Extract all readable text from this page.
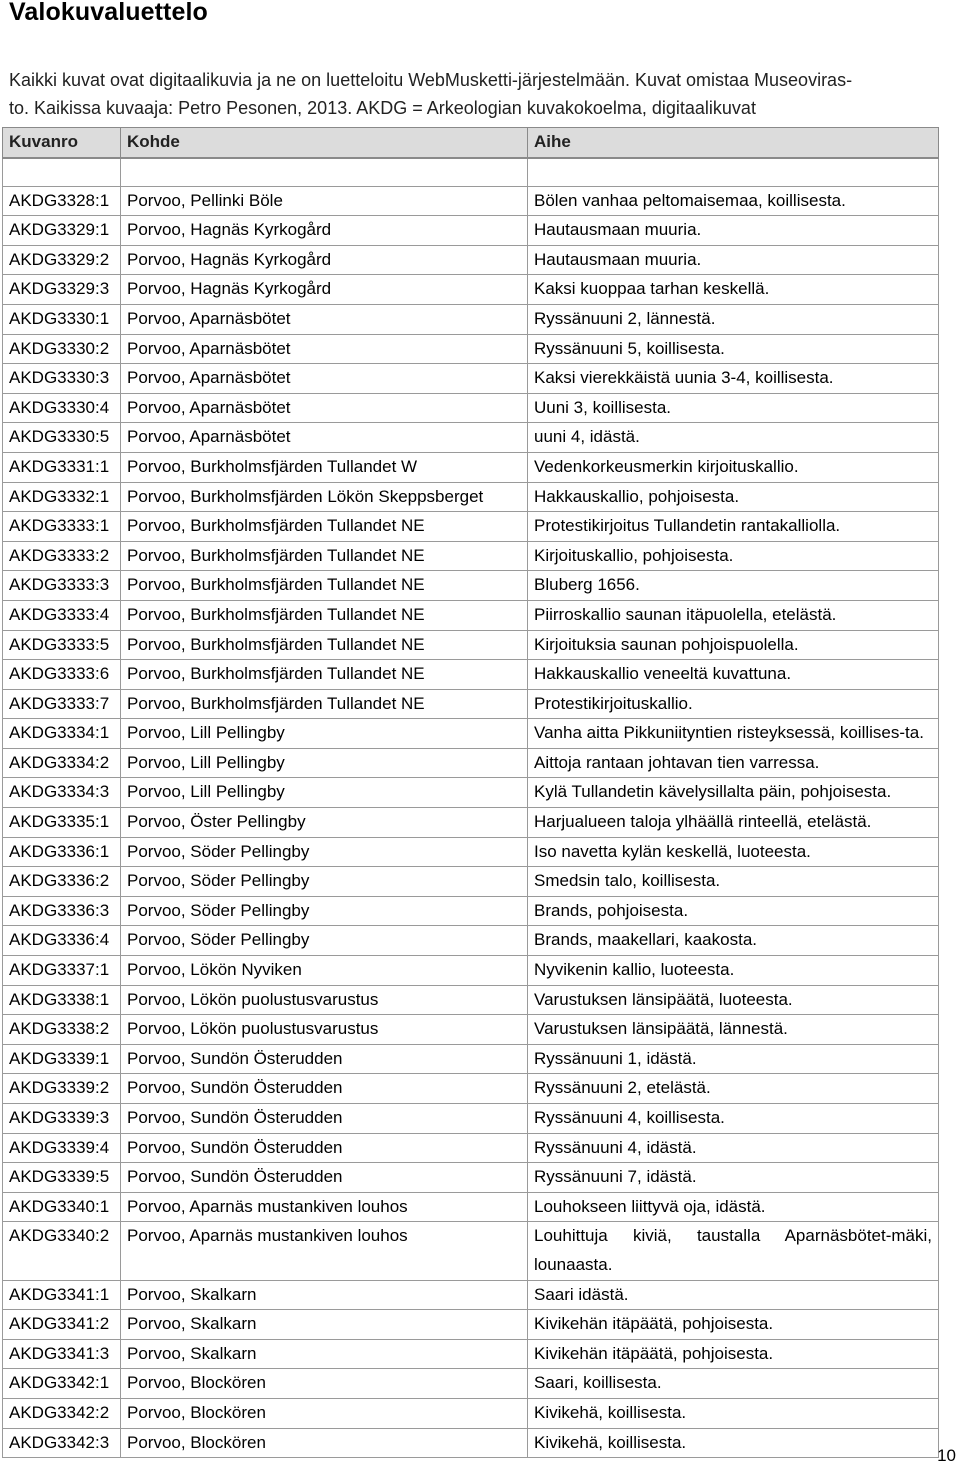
Valokuvaluettelo
Kaikki kuvat ovat digitaalikuvia ja ne on luetteloitu WebMusketti-järjestelmään. Kuvat omistaa Museoviras-
to. Kaikissa kuvaaja: Petro Pesonen, 2013. AKDG = Arkeologian kuvakokoelma, digitaalikuvat
Kuvanro	Kohde	Aihe

AKDG3328:1	Porvoo, Pellinki Böle	Bölen vanhaa peltomaisemaa, koillisesta.
AKDG3329:1	Porvoo, Hagnäs Kyrkogård	Hautausmaan muuria.
AKDG3329:2	Porvoo, Hagnäs Kyrkogård	Hautausmaan muuria.
AKDG3329:3	Porvoo, Hagnäs Kyrkogård	Kaksi kuoppaa tarhan keskellä.
AKDG3330:1	Porvoo, Aparnäsbötet	Ryssänuuni 2, lännestä.
AKDG3330:2	Porvoo, Aparnäsbötet	Ryssänuuni 5, koillisesta.
AKDG3330:3	Porvoo, Aparnäsbötet	Kaksi vierekkäistä uunia 3-4, koillisesta.
AKDG3330:4	Porvoo, Aparnäsbötet	Uuni 3, koillisesta.
AKDG3330:5	Porvoo, Aparnäsbötet	uuni 4, idästä.
AKDG3331:1	Porvoo, Burkholmsfjärden Tullandet W	Vedenkorkeusmerkin kirjoituskallio.
AKDG3332:1	Porvoo, Burkholmsfjärden Lökön Skeppsberget	Hakkauskallio, pohjoisesta.
AKDG3333:1	Porvoo, Burkholmsfjärden Tullandet NE	Protestikirjoitus Tullandetin rantakalliolla.
AKDG3333:2	Porvoo, Burkholmsfjärden Tullandet NE	Kirjoituskallio, pohjoisesta.
AKDG3333:3	Porvoo, Burkholmsfjärden Tullandet NE	Bluberg 1656.
AKDG3333:4	Porvoo, Burkholmsfjärden Tullandet NE	Piirroskallio saunan itäpuolella, etelästä.
AKDG3333:5	Porvoo, Burkholmsfjärden Tullandet NE	Kirjoituksia saunan pohjoispuolella.
AKDG3333:6	Porvoo, Burkholmsfjärden Tullandet NE	Hakkauskallio veneeltä kuvattuna.
AKDG3333:7	Porvoo, Burkholmsfjärden Tullandet NE	Protestikirjoituskallio.
AKDG3334:1	Porvoo, Lill Pellingby	Vanha aitta Pikkuniityntien risteyksessä, koillises-ta.
AKDG3334:2	Porvoo, Lill Pellingby	Aittoja rantaan johtavan tien varressa.
AKDG3334:3	Porvoo, Lill Pellingby	Kylä Tullandetin kävelysillalta päin, pohjoisesta.
AKDG3335:1	Porvoo, Öster Pellingby	Harjualueen taloja ylhäällä rinteellä, etelästä.
AKDG3336:1	Porvoo, Söder Pellingby	Iso navetta kylän keskellä, luoteesta.
AKDG3336:2	Porvoo, Söder Pellingby	Smedsin talo, koillisesta.
AKDG3336:3	Porvoo, Söder Pellingby	Brands, pohjoisesta.
AKDG3336:4	Porvoo, Söder Pellingby	Brands, maakellari, kaakosta.
AKDG3337:1	Porvoo, Lökön Nyviken	Nyvikenin kallio, luoteesta.
AKDG3338:1	Porvoo, Lökön puolustusvarustus	Varustuksen länsipäätä, luoteesta.
AKDG3338:2	Porvoo, Lökön puolustusvarustus	Varustuksen länsipäätä, lännestä.
AKDG3339:1	Porvoo, Sundön Österudden	Ryssänuuni 1, idästä.
AKDG3339:2	Porvoo, Sundön Österudden	Ryssänuuni 2, etelästä.
AKDG3339:3	Porvoo, Sundön Österudden	Ryssänuuni 4, koillisesta.
AKDG3339:4	Porvoo, Sundön Österudden	Ryssänuuni 4, idästä.
AKDG3339:5	Porvoo, Sundön Österudden	Ryssänuuni 7, idästä.
AKDG3340:1	Porvoo, Aparnäs mustankiven louhos	Louhokseen liittyvä oja, idästä.
AKDG3340:2	Porvoo, Aparnäs mustankiven louhos	Louhittuja kiviä, taustalla Aparnäsbötet-mäki, lounaasta.
AKDG3341:1	Porvoo, Skalkarn	Saari idästä.
AKDG3341:2	Porvoo, Skalkarn	Kivikehän itäpäätä, pohjoisesta.
AKDG3341:3	Porvoo, Skalkarn	Kivikehän itäpäätä, pohjoisesta.
AKDG3342:1	Porvoo, Blockören	Saari, koillisesta.
AKDG3342:2	Porvoo, Blockören	Kivikehä, koillisesta.
AKDG3342:3	Porvoo, Blockören	Kivikehä, koillisesta.
10
